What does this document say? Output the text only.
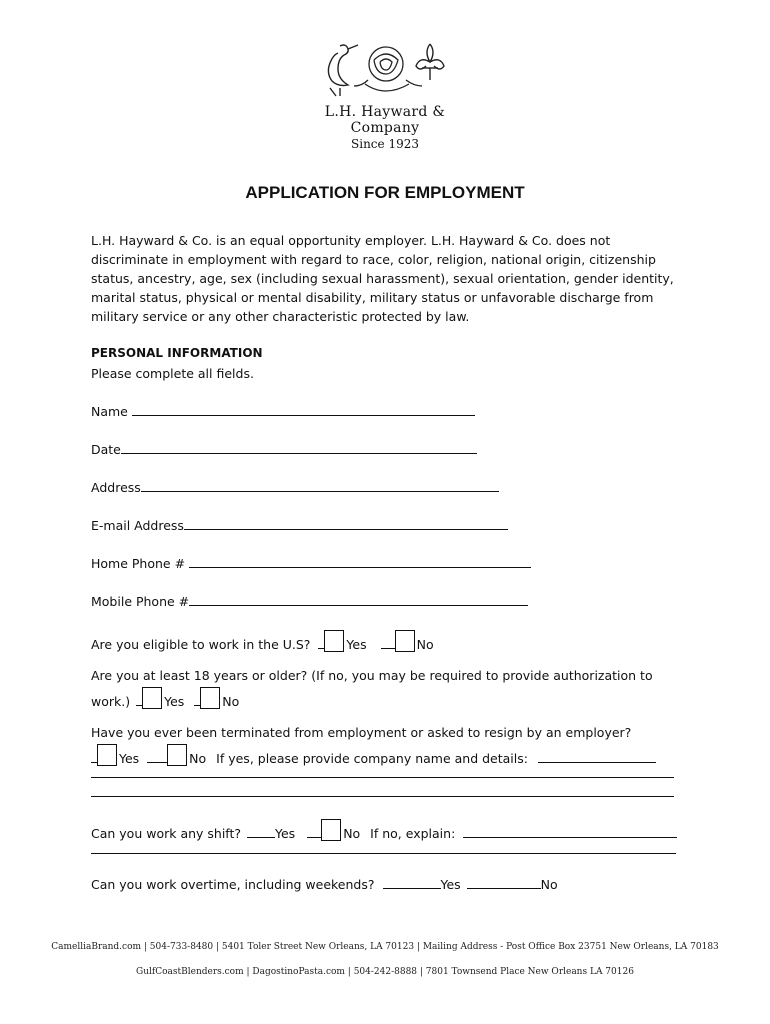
L.H. Hayward & Company
Since 1923
APPLICATION FOR EMPLOYMENT
L.H. Hayward & Co. is an equal opportunity employer. L.H. Hayward & Co. does not discriminate in employment with regard to race, color, religion, national origin, citizenship status, ancestry, age, sex (including sexual harassment), sexual orientation, gender identity, marital status, physical or mental disability, military status or unfavorable discharge from military service or any other characteristic protected by law.
PERSONAL INFORMATION
Please complete all fields.
Name
Date
Address
E-mail Address
Home Phone #
Mobile Phone #
Are you eligible to work in the U.S?	Yes	No
Are you at least 18 years or older? (If no, you may be required to provide authorization to
work.)	Yes	No
Have you ever been terminated from employment or asked to resign by an employer?
Yes	No If yes, please provide company name and details:
Can you work any shift?	Yes	No If no, explain:
Can you work overtime, including weekends?	Yes	No
CamelliaBrand.com | 504-733-8480 | 5401 Toler Street New Orleans, LA 70123 | Mailing Address - Post Office Box 23751 New Orleans, LA 70183
GulfCoastBlenders.com | DagostinoPasta.com | 504-242-8888 | 7801 Townsend Place New Orleans LA 70126
